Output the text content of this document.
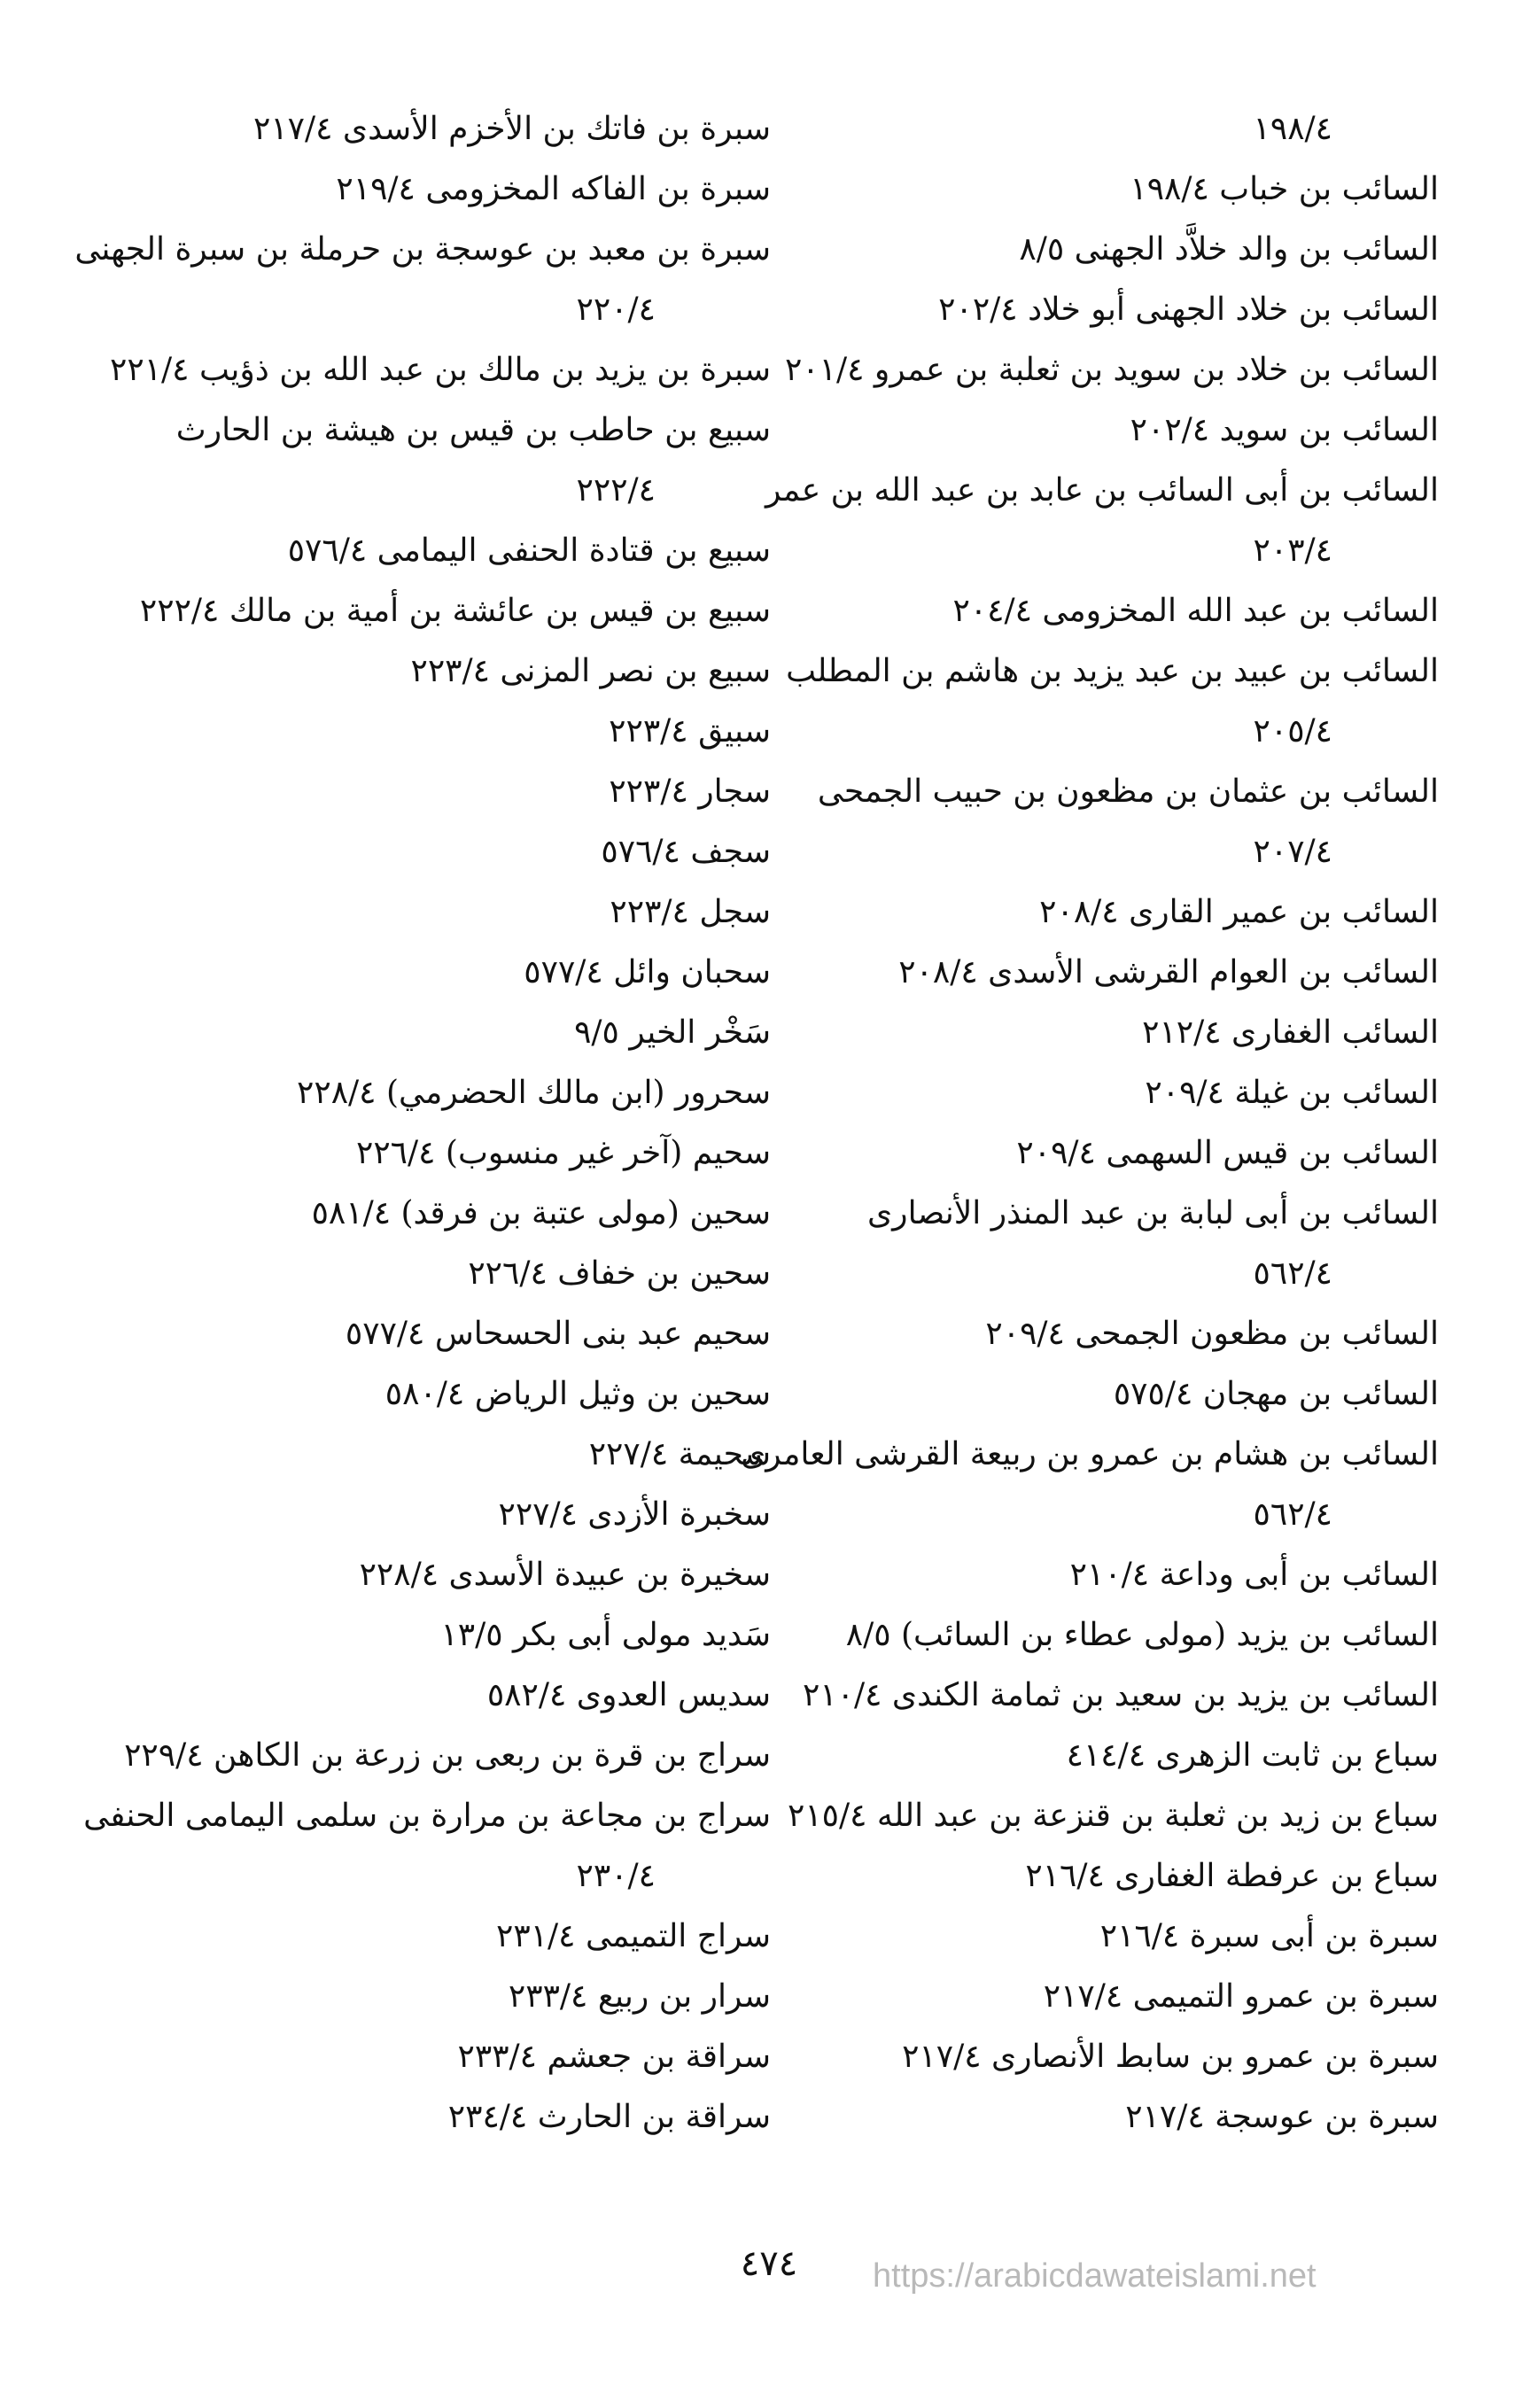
١٩٨/٤
السائب بن خباب ١٩٨/٤
السائب بن والد خلاَّد الجهنى ٨/٥
السائب بن خلاد الجهنى أبو خلاد ٢٠٢/٤
السائب بن خلاد بن سويد بن ثعلبة بن عمرو ٢٠١/٤
السائب بن سويد ٢٠٢/٤
السائب بن أبى السائب بن عابد بن عبد الله بن عمر
٢٠٣/٤
السائب بن عبد الله المخزومى ٢٠٤/٤
السائب بن عبيد بن عبد يزيد بن هاشم بن المطلب
٢٠٥/٤
السائب بن عثمان بن مظعون بن حبيب الجمحى
٢٠٧/٤
السائب بن عمير القارى ٢٠٨/٤
السائب بن العوام القرشى الأسدى ٢٠٨/٤
السائب الغفارى ٢١٢/٤
السائب بن غيلة ٢٠٩/٤
السائب بن قيس السهمى ٢٠٩/٤
السائب بن أبى لبابة بن عبد المنذر الأنصارى
٥٦٢/٤
السائب بن مظعون الجمحى ٢٠٩/٤
السائب بن مهجان ٥٧٥/٤
السائب بن هشام بن عمرو بن ربيعة القرشى العامرى
٥٦٢/٤
السائب بن أبى وداعة ٢١٠/٤
السائب بن يزيد (مولى عطاء بن السائب) ٨/٥
السائب بن يزيد بن سعيد بن ثمامة الكندى ٢١٠/٤
سباع بن ثابت الزهرى ٤١٤/٤
سباع بن زيد بن ثعلبة بن قنزعة بن عبد الله ٢١٥/٤
سباع بن عرفطة الغفارى ٢١٦/٤
سبرة بن أبى سبرة ٢١٦/٤
سبرة بن عمرو التميمى ٢١٧/٤
سبرة بن عمرو بن سابط الأنصارى ٢١٧/٤
سبرة بن عوسجة ٢١٧/٤
سبرة بن فاتك بن الأخزم الأسدى ٢١٧/٤
سبرة بن الفاكه المخزومى ٢١٩/٤
سبرة بن معبد بن عوسجة بن حرملة بن سبرة الجهنى
٢٢٠/٤
سبرة بن يزيد بن مالك بن عبد الله بن ذؤيب ٢٢١/٤
سبيع بن حاطب بن قيس بن هيشة بن الحارث
٢٢٢/٤
سبيع بن قتادة الحنفى اليمامى ٥٧٦/٤
سبيع بن قيس بن عائشة بن أمية بن مالك ٢٢٢/٤
سبيع بن نصر المزنى ٢٢٣/٤
سبيق ٢٢٣/٤
سجار ٢٢٣/٤
سجف ٥٧٦/٤
سجل ٢٢٣/٤
سحبان وائل ٥٧٧/٤
سَخْر الخير ٩/٥
سحرور (ابن مالك الحضرمي) ٢٢٨/٤
سحيم (آخر غير منسوب) ٢٢٦/٤
سحين (مولى عتبة بن فرقد) ٥٨١/٤
سحين بن خفاف ٢٢٦/٤
سحيم عبد بنى الحسحاس ٥٧٧/٤
سحين بن وثيل الرياض ٥٨٠/٤
سحيمة ٢٢٧/٤
سخبرة الأزدى ٢٢٧/٤
سخيرة بن عبيدة الأسدى ٢٢٨/٤
سَديد مولى أبى بكر ١٣/٥
سديس العدوى ٥٨٢/٤
سراج بن قرة بن ربعى بن زرعة بن الكاهن ٢٢٩/٤
سراج بن مجاعة بن مرارة بن سلمى اليمامى الحنفى
٢٣٠/٤
سراج التميمى ٢٣١/٤
سرار بن ربيع ٢٣٣/٤
سراقة بن جعشم ٢٣٣/٤
سراقة بن الحارث ٢٣٤/٤
٤٧٤	https://arabicdawateislami.net
